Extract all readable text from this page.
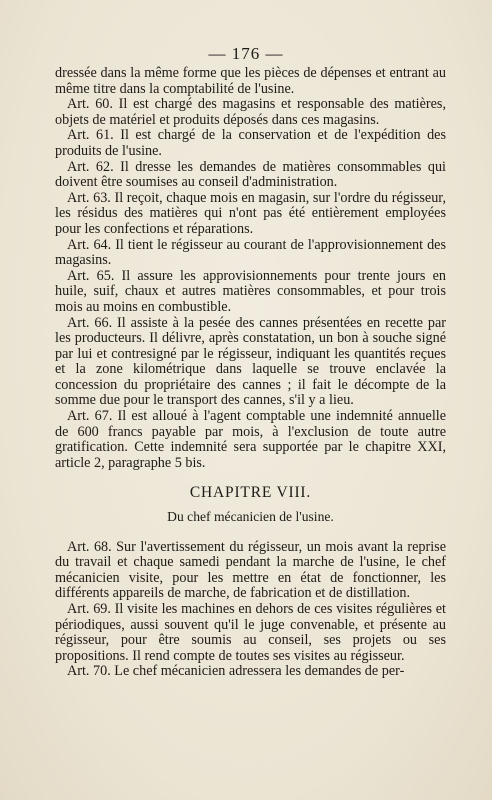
— 176 —

dressée dans la même forme que les pièces de dépenses et entrant au même titre dans la comptabilité de l'usine.

Art. 60. Il est chargé des magasins et responsable des matières, objets de matériel et produits déposés dans ces magasins.

Art. 61. Il est chargé de la conservation et de l'expédition des produits de l'usine.

Art. 62. Il dresse les demandes de matières consommables qui doivent être soumises au conseil d'administration.

Art. 63. Il reçoit, chaque mois en magasin, sur l'ordre du régisseur, les résidus des matières qui n'ont pas été entièrement employées pour les confections et réparations.

Art. 64. Il tient le régisseur au courant de l'approvisionnement des magasins.

Art. 65. Il assure les approvisionnements pour trente jours en huile, suif, chaux et autres matières consommables, et pour trois mois au moins en combustible.

Art. 66. Il assiste à la pesée des cannes présentées en recette par les producteurs. Il délivre, après constatation, un bon à souche signé par lui et contresigné par le régisseur, indiquant les quantités reçues et la zone kilométrique dans laquelle se trouve enclavée la concession du propriétaire des cannes ; il fait le décompte de la somme due pour le transport des cannes, s'il y a lieu.

Art. 67. Il est alloué à l'agent comptable une indemnité annuelle de 600 francs payable par mois, à l'exclusion de toute autre gratification. Cette indemnité sera supportée par le chapitre XXI, article 2, paragraphe 5 bis.

CHAPITRE VIII.
Du chef mécanicien de l'usine.

Art. 68. Sur l'avertissement du régisseur, un mois avant la reprise du travail et chaque samedi pendant la marche de l'usine, le chef mécanicien visite, pour les mettre en état de fonctionner, les différents appareils de marche, de fabrication et de distillation.

Art. 69. Il visite les machines en dehors de ces visites régulières et périodiques, aussi souvent qu'il le juge convenable, et présente au régisseur, pour être soumis au conseil, ses projets ou ses propositions. Il rend compte de toutes ses visites au régisseur.

Art. 70. Le chef mécanicien adressera les demandes de per-
